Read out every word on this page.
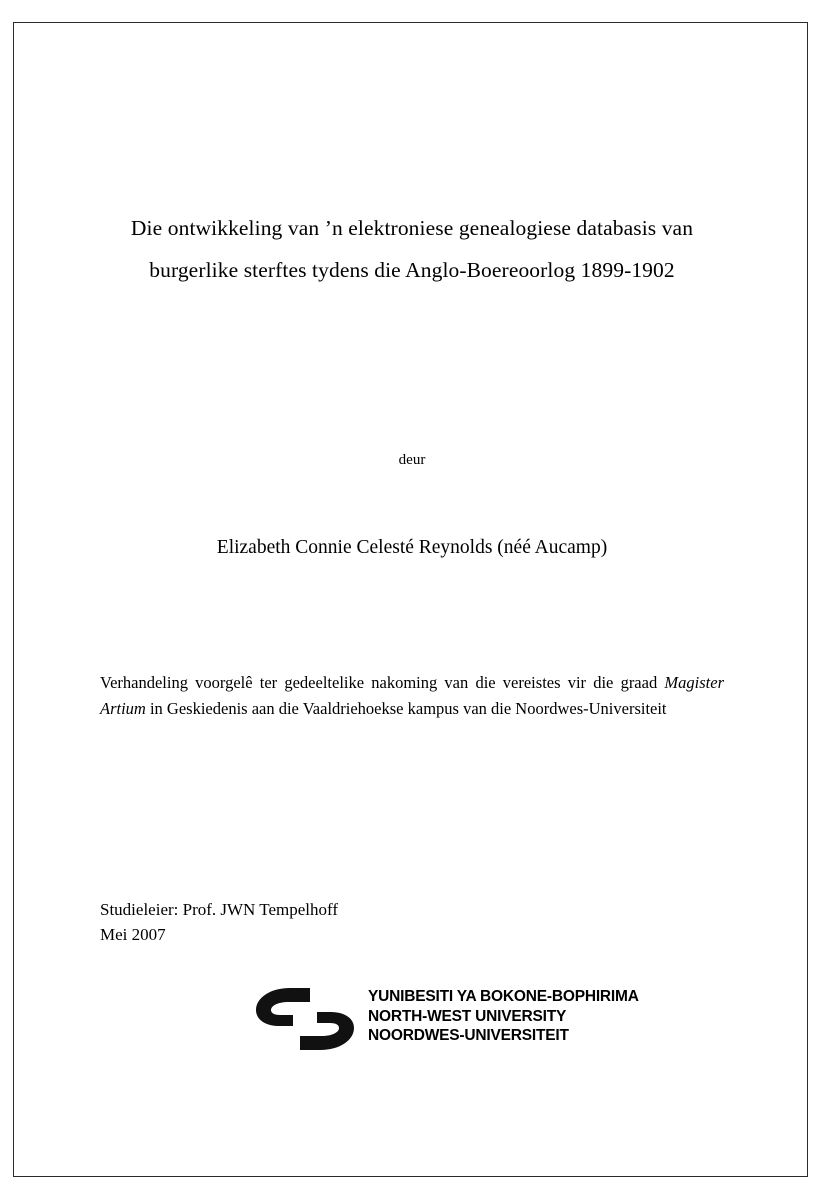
Die ontwikkeling van ’n elektroniese genealogiese databasis van
burgerlike sterftes tydens die Anglo-Boereoorlog 1899-1902
deur
Elizabeth Connie Celesté Reynolds (néé Aucamp)

Verhandeling voorgelê ter gedeeltelike nakoming van die vereistes vir die graad Magister Artium in Geskiedenis aan die Vaaldriehoekse kampus van die Noordwes-Universiteit

Studieleier: Prof. JWN Tempelhoff
Mei 2007
YUNIBESITI YA BOKONE-BOPHIRIMA
NORTH-WEST UNIVERSITY
NOORDWES-UNIVERSITEIT
